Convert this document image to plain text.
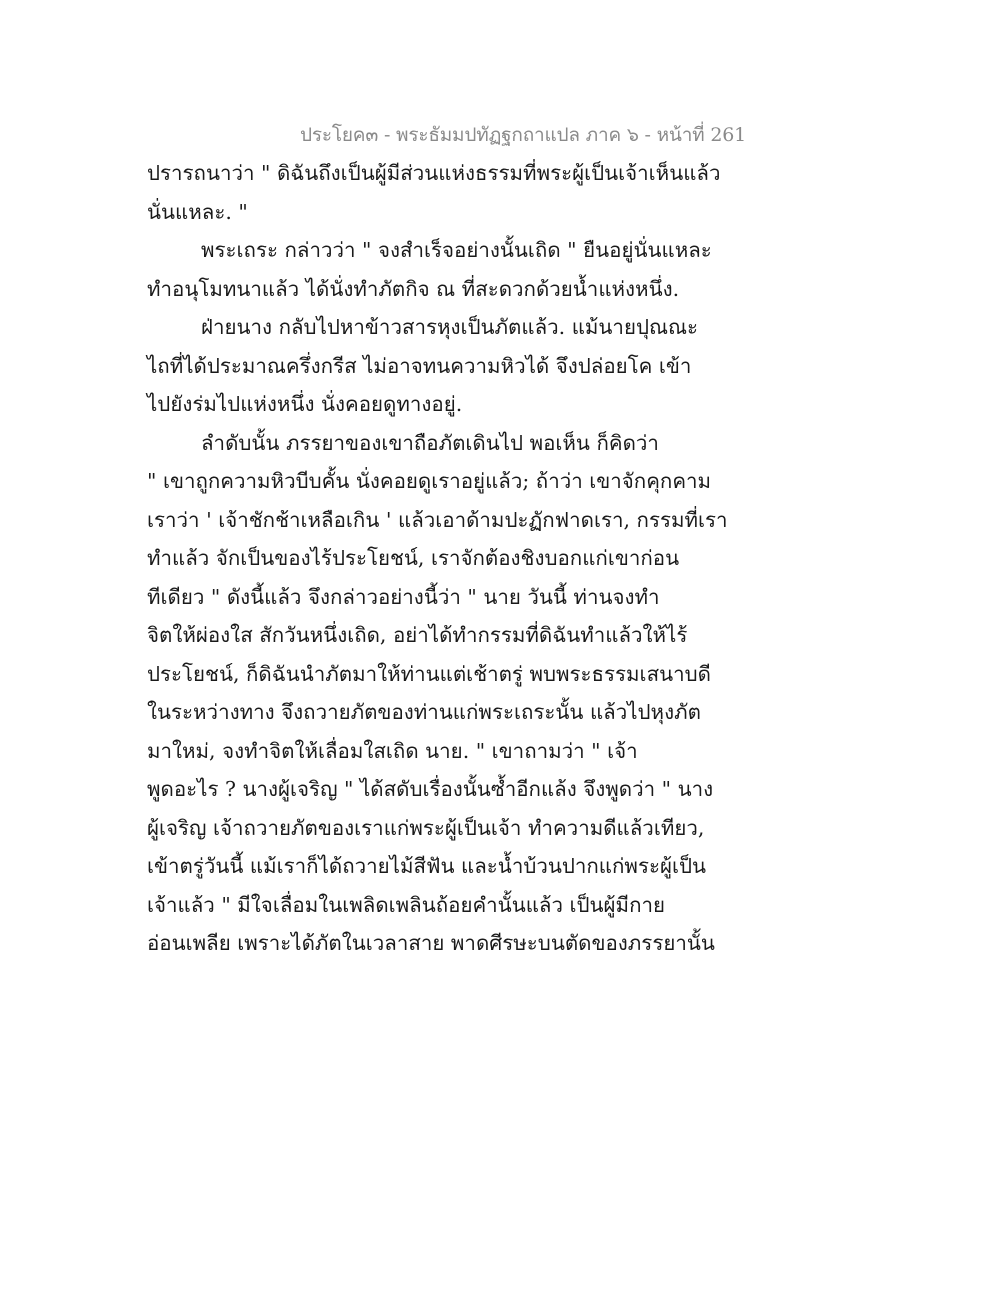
ประโยค๓ - พระธัมมปทัฏฐกถาแปล ภาค ๖ - หน้าที่ 261
ปรารถนาว่า " ดิฉันถึงเป็นผู้มีส่วนแห่งธรรมที่พระผู้เป็นเจ้าเห็นแล้ว
นั่นแหละ. "
พระเถระ กล่าวว่า " จงสำเร็จอย่างนั้นเถิด " ยืนอยู่นั่นแหละ
ทำอนุโมทนาแล้ว ได้นั่งทำภัตกิจ ณ ที่สะดวกด้วยน้ำแห่งหนึ่ง.
ฝ่ายนาง กลับไปหาข้าวสารหุงเป็นภัตแล้ว. แม้นายปุณณะ
ไถที่ได้ประมาณครึ่งกรีส ไม่อาจทนความหิวได้ จึงปล่อยโค เข้า
ไปยังร่มไปแห่งหนึ่ง นั่งคอยดูทางอยู่.
ลำดับนั้น ภรรยาของเขาถือภัตเดินไป พอเห็น ก็คิดว่า
" เขาถูกความหิวบีบคั้น นั่งคอยดูเราอยู่แล้ว; ถ้าว่า เขาจักคุกคาม
เราว่า ' เจ้าชักช้าเหลือเกิน ' แล้วเอาด้ามปะฏักฟาดเรา, กรรมที่เรา
ทำแล้ว จักเป็นของไร้ประโยชน์, เราจักต้องชิงบอกแก่เขาก่อน
ทีเดียว " ดังนี้แล้ว จึงกล่าวอย่างนี้ว่า " นาย วันนี้ ท่านจงทำ
จิตให้ผ่องใส สักวันหนึ่งเถิด, อย่าได้ทำกรรมที่ดิฉันทำแล้วให้ไร้
ประโยชน์, ก็ดิฉันนำภัตมาให้ท่านแต่เช้าตรู่ พบพระธรรมเสนาบดี
ในระหว่างทาง จึงถวายภัตของท่านแก่พระเถระนั้น แล้วไปหุงภัต
มาใหม่, จงทำจิตให้เลื่อมใสเถิด นาย. " เขาถามว่า " เจ้า
พูดอะไร ? นางผู้เจริญ " ได้สดับเรื่องนั้นซ้ำอีกแล้ง จึงพูดว่า " นาง
ผู้เจริญ เจ้าถวายภัตของเราแก่พระผู้เป็นเจ้า ทำความดีแล้วเทียว,
เข้าตรู่วันนี้ แม้เราก็ได้ถวายไม้สีฟัน และน้ำบ้วนปากแก่พระผู้เป็น
เจ้าแล้ว " มีใจเลื่อมในเพลิดเพลินถ้อยคำนั้นแล้ว เป็นผู้มีกาย
อ่อนเพลีย เพราะได้ภัตในเวลาสาย พาดศีรษะบนตัดของภรรยานั้น
